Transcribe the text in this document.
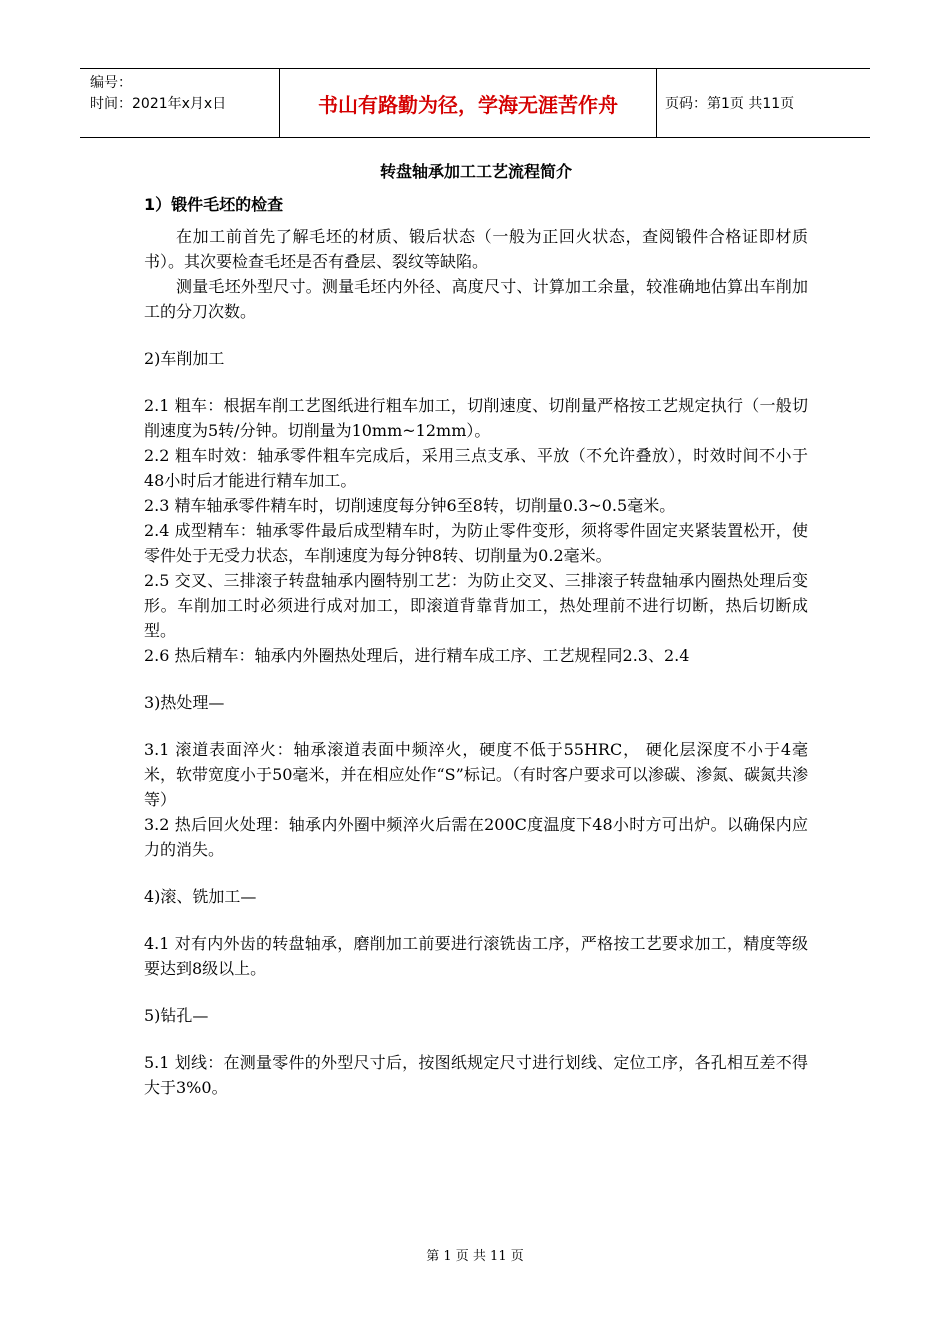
编号：
时间：2021年x月x日	书山有路勤为径，学海无涯苦作舟	页码：第1页 共11页
转盘轴承加工工艺流程简介
1）锻件毛坯的检查

在加工前首先了解毛坯的材质、锻后状态（一般为正回火状态，查阅锻件合格证即材质书）。其次要检查毛坯是否有叠层、裂纹等缺陷。

测量毛坯外型尺寸。测量毛坯内外径、高度尺寸、计算加工余量，较准确地估算出车削加工的分刀次数。

2)车削加工

2.1 粗车：根据车削工艺图纸进行粗车加工，切削速度、切削量严格按工艺规定执行（一般切削速度为5转/分钟。切削量为10mm~12mm）。

2.2 粗车时效：轴承零件粗车完成后，采用三点支承、平放（不允许叠放），时效时间不小于48小时后才能进行精车加工。

2.3 精车轴承零件精车时，切削速度每分钟6至8转，切削量0.3~0.5毫米。

2.4 成型精车：轴承零件最后成型精车时，为防止零件变形，须将零件固定夹紧装置松开，使零件处于无受力状态，车削速度为每分钟8转、切削量为0.2毫米。

2.5 交叉、三排滚子转盘轴承内圈特别工艺：为防止交叉、三排滚子转盘轴承内圈热处理后变形。车削加工时必须进行成对加工，即滚道背靠背加工，热处理前不进行切断，热后切断成型。

2.6 热后精车：轴承内外圈热处理后，进行精车成工序、工艺规程同2.3、2.4

3)热处理—

3.1 滚道表面淬火：轴承滚道表面中频淬火，硬度不低于55HRC， 硬化层深度不小于4毫米，软带宽度小于50毫米，并在相应处作“S”标记。（有时客户要求可以渗碳、渗氮、碳氮共渗等）

3.2 热后回火处理：轴承内外圈中频淬火后需在200C度温度下48小时方可出炉。以确保内应力的消失。

4)滚、铣加工—

4.1 对有内外齿的转盘轴承，磨削加工前要进行滚铣齿工序，严格按工艺要求加工，精度等级要达到8级以上。

5)钻孔—

5.1 划线：在测量零件的外型尺寸后，按图纸规定尺寸进行划线、定位工序，各孔相互差不得大于3%0。

第 1 页 共 11 页
